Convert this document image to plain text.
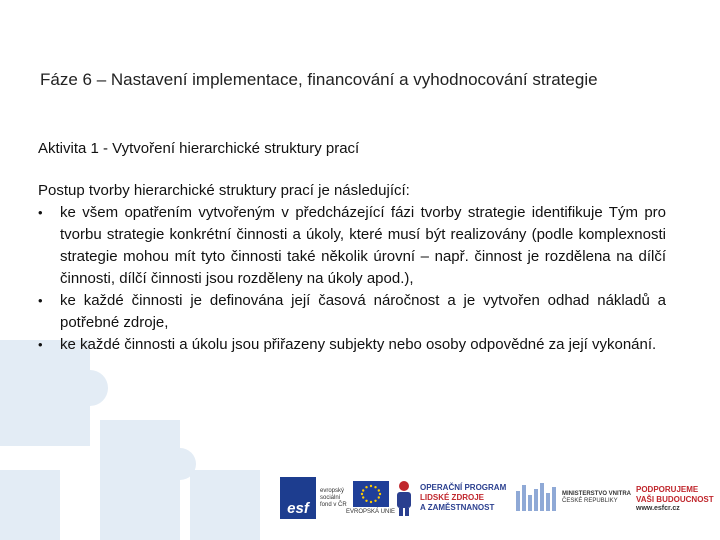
Fáze 6 – Nastavení implementace, financování a vyhodnocování strategie
Aktivita 1 - Vytvoření hierarchické struktury prací

Postup tvorby hierarchické struktury prací je následující:

•	ke všem opatřením vytvořeným v předcházející fázi tvorby strategie identifikuje Tým pro tvorbu strategie konkrétní činnosti a úkoly, které musí být realizovány (podle komplexnosti strategie mohou mít tyto činnosti také několik úrovní – např. činnost je rozdělena na dílčí činnosti, dílčí činnosti jsou rozděleny na úkoly apod.),
•	ke každé činnosti je definována její časová náročnost a je vytvořen odhad nákladů a potřebné zdroje,
•	ke každé činnosti a úkolu jsou přiřazeny subjekty nebo osoby odpovědné za její vykonání.
esf
evropský sociální fond v ČR
EVROPSKÁ UNIE
OPERAČNÍ PROGRAM
LIDSKÉ ZDROJE
A ZAMĚSTNANOST
MINISTERSTVO VNITRA
ČESKÉ REPUBLIKY
PODPORUJEME
VAŠI BUDOUCNOST
www.esfcr.cz
